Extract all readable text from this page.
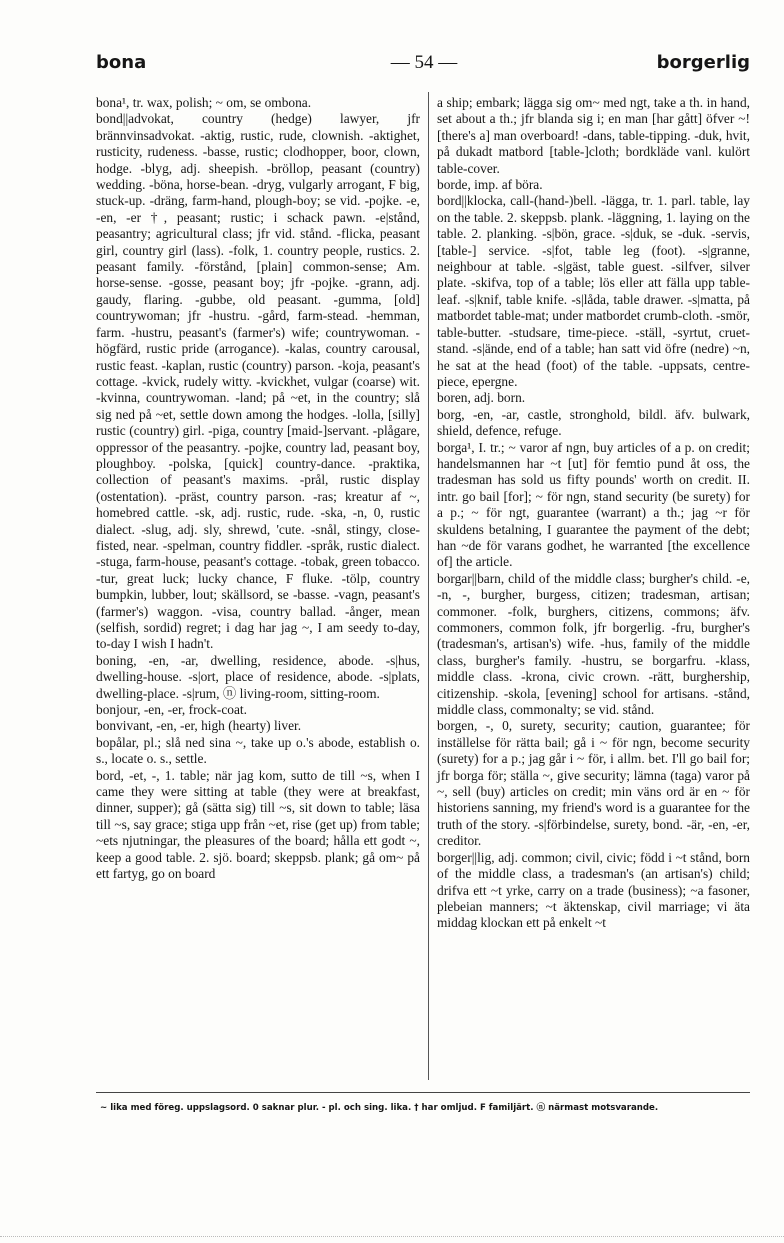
bona	— 54 —	borgerlig

bona¹, tr. wax, polish; ~ om, se ombona.

bond||advokat, country (hedge) lawyer, jfr brännvinsadvokat. -aktig, rustic, rude, clownish. -aktighet, rusticity, rudeness. -basse, rustic; clodhopper, boor, clown, hodge. -blyg, adj. sheepish. -bröllop, peasant (country) wedding. -böna, horse-bean. -dryg, vulgarly arrogant, F big, stuck-up. -dräng, farm-hand, plough-boy; se vid. -pojke. -e, -en, -er †, peasant; rustic; i schack pawn. -e|stånd, peasantry; agricultural class; jfr vid. stånd. -flicka, peasant girl, country girl (lass). -folk, 1. country people, rustics. 2. peasant family. -förstånd, [plain] common-sense; Am. horse-sense. -gosse, peasant boy; jfr -pojke. -grann, adj. gaudy, flaring. -gubbe, old peasant. -gumma, [old] countrywoman; jfr -hustru. -gård, farm-stead. -hemman, farm. -hustru, peasant's (farmer's) wife; countrywoman. -högfärd, rustic pride (arrogance). -kalas, country carousal, rustic feast. -kaplan, rustic (country) parson. -koja, peasant's cottage. -kvick, rudely witty. -kvickhet, vulgar (coarse) wit. -kvinna, countrywoman. -land; på ~et, in the country; slå sig ned på ~et, settle down among the hodges. -lolla, [silly] rustic (country) girl. -piga, country [maid-]servant. -plågare, oppressor of the peasantry. -pojke, country lad, peasant boy, ploughboy. -polska, [quick] country-dance. -praktika, collection of peasant's maxims. -prål, rustic display (ostentation). -präst, country parson. -ras; kreatur af ~, homebred cattle. -sk, adj. rustic, rude. -ska, -n, 0, rustic dialect. -slug, adj. sly, shrewd, 'cute. -snål, stingy, close-fisted, near. -spelman, country fiddler. -språk, rustic dialect. -stuga, farm-house, peasant's cottage. -tobak, green tobacco. -tur, great luck; lucky chance, F fluke. -tölp, country bumpkin, lubber, lout; skällsord, se -basse. -vagn, peasant's (farmer's) waggon. -visa, country ballad. -ånger, mean (selfish, sordid) regret; i dag har jag ~, I am seedy to-day, to-day I wish I hadn't.

boning, -en, -ar, dwelling, residence, abode. -s|hus, dwelling-house. -s|ort, place of residence, abode. -s|plats, dwelling-place. -s|rum, ⓝ living-room, sitting-room.

bonjour, -en, -er, frock-coat.

bonvivant, -en, -er, high (hearty) liver.

bopålar, pl.; slå ned sina ~, take up o.'s abode, establish o. s., locate o. s., settle.

bord, -et, -, 1. table; när jag kom, sutto de till ~s, when I came they were sitting at table (they were at breakfast, dinner, supper); gå (sätta sig) till ~s, sit down to table; läsa till ~s, say grace; stiga upp från ~et, rise (get up) from table; ~ets njutningar, the pleasures of the board; hålla ett godt ~, keep a good table. 2. sjö. board; skeppsb. plank; gå om~ på ett fartyg, go on board

a ship; embark; lägga sig om~ med ngt, take a th. in hand, set about a th.; jfr blanda sig i; en man [har gått] öfver ~! [there's a] man overboard! -dans, table-tipping. -duk, hvit, på dukadt matbord [table-]cloth; bordkläde vanl. kulört table-cover.

borde, imp. af böra.

bord||klocka, call-(hand-)bell. -lägga, tr. 1. parl. table, lay on the table. 2. skeppsb. plank. -läggning, 1. laying on the table. 2. planking. -s|bön, grace. -s|duk, se -duk. -servis, [table-] service. -s|fot, table leg (foot). -s|granne, neighbour at table. -s|gäst, table guest. -silfver, silver plate. -skifva, top of a table; lös eller att fälla upp table-leaf. -s|knif, table knife. -s|låda, table drawer. -s|matta, på matbordet table-mat; under matbordet crumb-cloth. -smör, table-butter. -studsare, time-piece. -ställ, -syrtut, cruet-stand. -s|ände, end of a table; han satt vid öfre (nedre) ~n, he sat at the head (foot) of the table. -uppsats, centre-piece, epergne.

boren, adj. born.

borg, -en, -ar, castle, stronghold, bildl. äfv. bulwark, shield, defence, refuge.

borga¹, I. tr.; ~ varor af ngn, buy articles of a p. on credit; handelsmannen har ~t [ut] för femtio pund åt oss, the tradesman has sold us fifty pounds' worth on credit. II. intr. go bail [for]; ~ för ngn, stand security (be surety) for a p.; ~ för ngt, guarantee (warrant) a th.; jag ~r för skuldens betalning, I guarantee the payment of the debt; han ~de för varans godhet, he warranted [the excellence of] the article.

borgar||barn, child of the middle class; burgher's child. -e, -n, -, burgher, burgess, citizen; tradesman, artisan; commoner. -folk, burghers, citizens, commons; äfv. commoners, common folk, jfr borgerlig. -fru, burgher's (tradesman's, artisan's) wife. -hus, family of the middle class, burgher's family. -hustru, se borgarfru. -klass, middle class. -krona, civic crown. -rätt, burghership, citizenship. -skola, [evening] school for artisans. -stånd, middle class, commonalty; se vid. stånd.

borgen, -, 0, surety, security; caution, guarantee; för inställelse för rätta bail; gå i ~ för ngn, become security (surety) for a p.; jag går i ~ för, i allm. bet. I'll go bail for; jfr borga för; ställa ~, give security; lämna (taga) varor på ~, sell (buy) articles on credit; min väns ord är en ~ för historiens sanning, my friend's word is a guarantee for the truth of the story. -s|förbindelse, surety, bond. -är, -en, -er, creditor.

borger||lig, adj. common; civil, civic; född i ~t stånd, born of the middle class, a tradesman's (an artisan's) child; drifva ett ~t yrke, carry on a trade (business); ~a fasoner, plebeian manners; ~t äktenskap, civil marriage; vi äta middag klockan ett på enkelt ~t

~ lika med föreg. uppslagsord. 0 saknar plur. - pl. och sing. lika. † har omljud. F familjärt. ⓝ närmast motsvarande.
